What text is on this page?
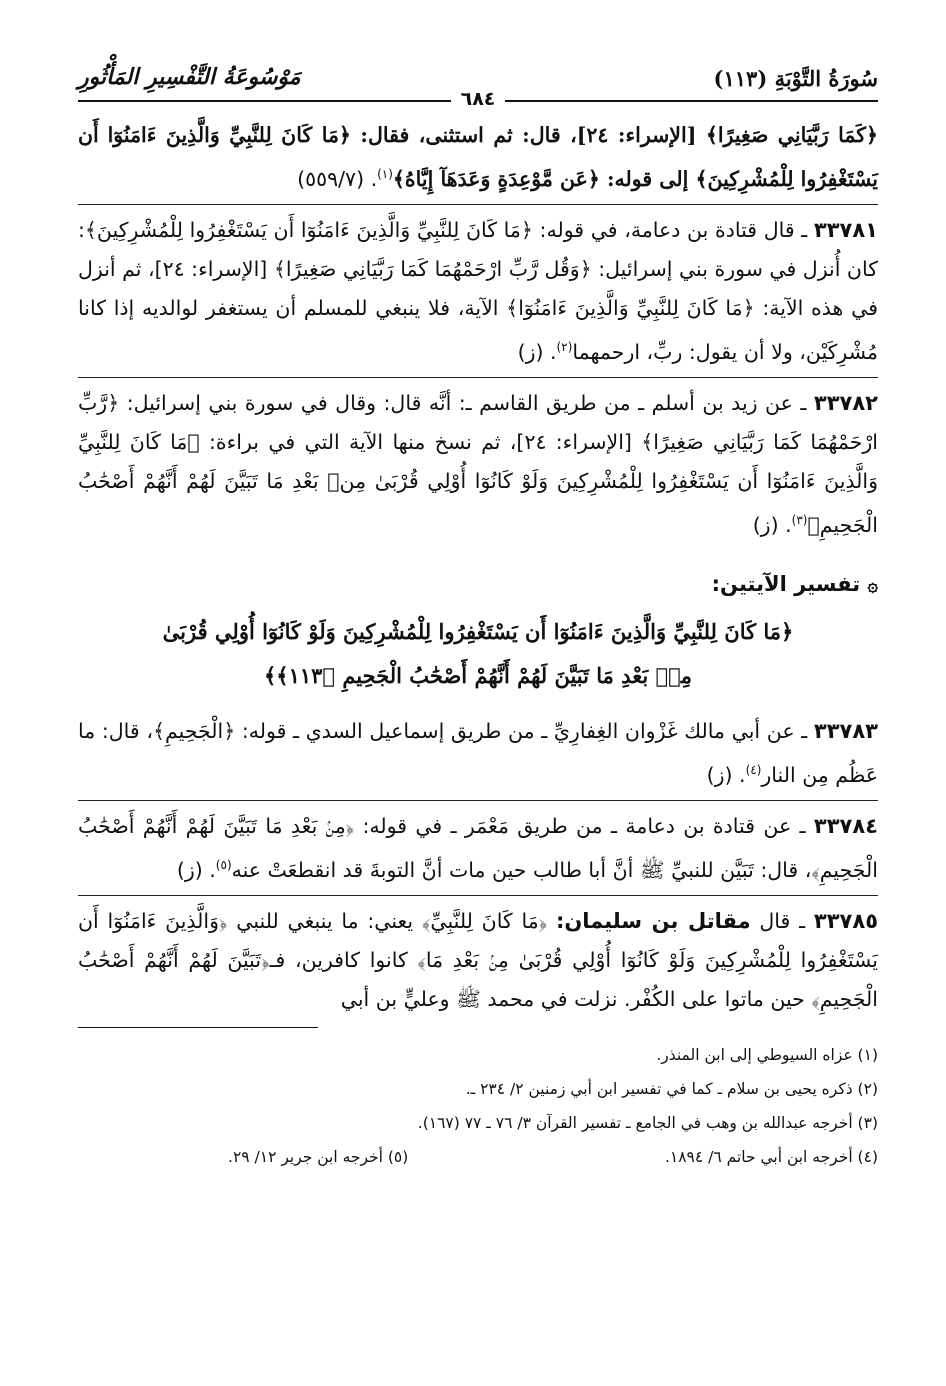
سُورَةُ التَّوْبَةِ (١١٣)
مَوْسُوعَةُ التَّفْسِيرِ المَأْثُورِ
٦٨٤

﴿كَمَا رَبَّيَانِي صَغِيرًا﴾ [الإسراء: ٢٤]، قال: ثم استثنى، فقال: ﴿مَا كَانَ لِلنَّبِيِّ وَالَّذِينَ ءَامَنُوٓا أَن يَسْتَغْفِرُوا لِلْمُشْرِكِينَ﴾ إلى قوله: ﴿عَن مَّوْعِدَةٍ وَعَدَهَآ إِيَّاهُ﴾$^{(١)}$. (٥٥٩/٧)

٣٣٧٨١ ـ قال قتادة بن دعامة، في قوله: ﴿مَا كَانَ لِلنَّبِيِّ وَالَّذِينَ ءَامَنُوٓا أَن يَسْتَغْفِرُوا لِلْمُشْرِكِينَ﴾: كان أُنزل في سورة بني إسرائيل: ﴿وَقُل رَّبِّ ارْحَمْهُمَا كَمَا رَبَّيَانِي صَغِيرًا﴾ [الإسراء: ٢٤]، ثم أنزل في هذه الآية: ﴿مَا كَانَ لِلنَّبِيِّ وَالَّذِينَ ءَامَنُوٓا﴾ الآية، فلا ينبغي للمسلم أن يستغفر لوالديه إذا كانا مُشْرِكَيْن، ولا أن يقول: ربِّ، ارحمهما$^{(٢)}$. (ز)

٣٣٧٨٢ ـ عن زيد بن أسلم ـ من طريق القاسم ـ: أنَّه قال: وقال في سورة بني إسرائيل: ﴿رَّبِّ ارْحَمْهُمَا كَمَا رَبَّيَانِي صَغِيرًا﴾ [الإسراء: ٢٤]، ثم نسخ منها الآية التي في براءة: ﴿مَا كَانَ لِلنَّبِيِّ وَالَّذِينَ ءَامَنُوٓا أَن يَسْتَغْفِرُوا لِلْمُشْرِكِينَ وَلَوْ كَانُوٓا أُوْلِي قُرْبَىٰ مِنۢ بَعْدِ مَا تَبَيَّنَ لَهُمْ أَنَّهُمْ أَصْحَٰبُ الْجَحِيمِ﴾$^{(٣)}$. (ز)

۞ تفسير الآيتين:
﴿مَا كَانَ لِلنَّبِيِّ وَالَّذِينَ ءَامَنُوٓا أَن يَسْتَغْفِرُوا لِلْمُشْرِكِينَ وَلَوْ كَانُوٓا أُوْلِي قُرْبَىٰ
مِنۢ بَعْدِ مَا تَبَيَّنَ لَهُمْ أَنَّهُمْ أَصْحَٰبُ الْجَحِيمِ ﴿١١٣﴾﴾

٣٣٧٨٣ ـ عن أبي مالك غَزْوان الغِفارِيِّ ـ من طريق إسماعيل السدي ـ قوله: ﴿الْجَحِيمِ﴾، قال: ما عَظُم مِن النار$^{(٤)}$. (ز)

٣٣٧٨٤ ـ عن قتادة بن دعامة ـ من طريق مَعْمَر ـ في قوله: ﴿مِنۢ بَعْدِ مَا تَبَيَّنَ لَهُمْ أَنَّهُمْ أَصْحَٰبُ الْجَحِيمِ﴾، قال: تَبَيَّن للنبيِّ ﷺ أنَّ أبا طالب حين مات أنَّ التوبةَ قد انقطعَتْ عنه$^{(٥)}$. (ز)

٣٣٧٨٥ ـ قال مقاتل بن سليمان: ﴿مَا كَانَ لِلنَّبِيِّ﴾ يعني: ما ينبغي للنبي ﴿وَالَّذِينَ ءَامَنُوٓا أَن يَسْتَغْفِرُوا لِلْمُشْرِكِينَ وَلَوْ كَانُوٓا أُوْلِي قُرْبَىٰ مِنۢ بَعْدِ مَا﴾ كانوا كافرين، فـ﴿تَبَيَّنَ لَهُمْ أَنَّهُمْ أَصْحَٰبُ الْجَحِيمِ﴾ حين ماتوا على الكُفْر. نزلت في محمد ﷺ وعليٍّ بن أبي

(١) عزاه السيوطي إلى ابن المنذر.

(٢) ذكره يحيى بن سلام ـ كما في تفسير ابن أبي زمنين ٢/ ٢٣٤ ـ.

(٣) أخرجه عبدالله بن وهب في الجامع ـ تفسير القرآن ٣/ ٧٦ ـ ٧٧ (١٦٧).

(٤) أخرجه ابن أبي حاتم ٦/ ١٨٩٤.
(٥) أخرجه ابن جرير ١٢/ ٢٩.
